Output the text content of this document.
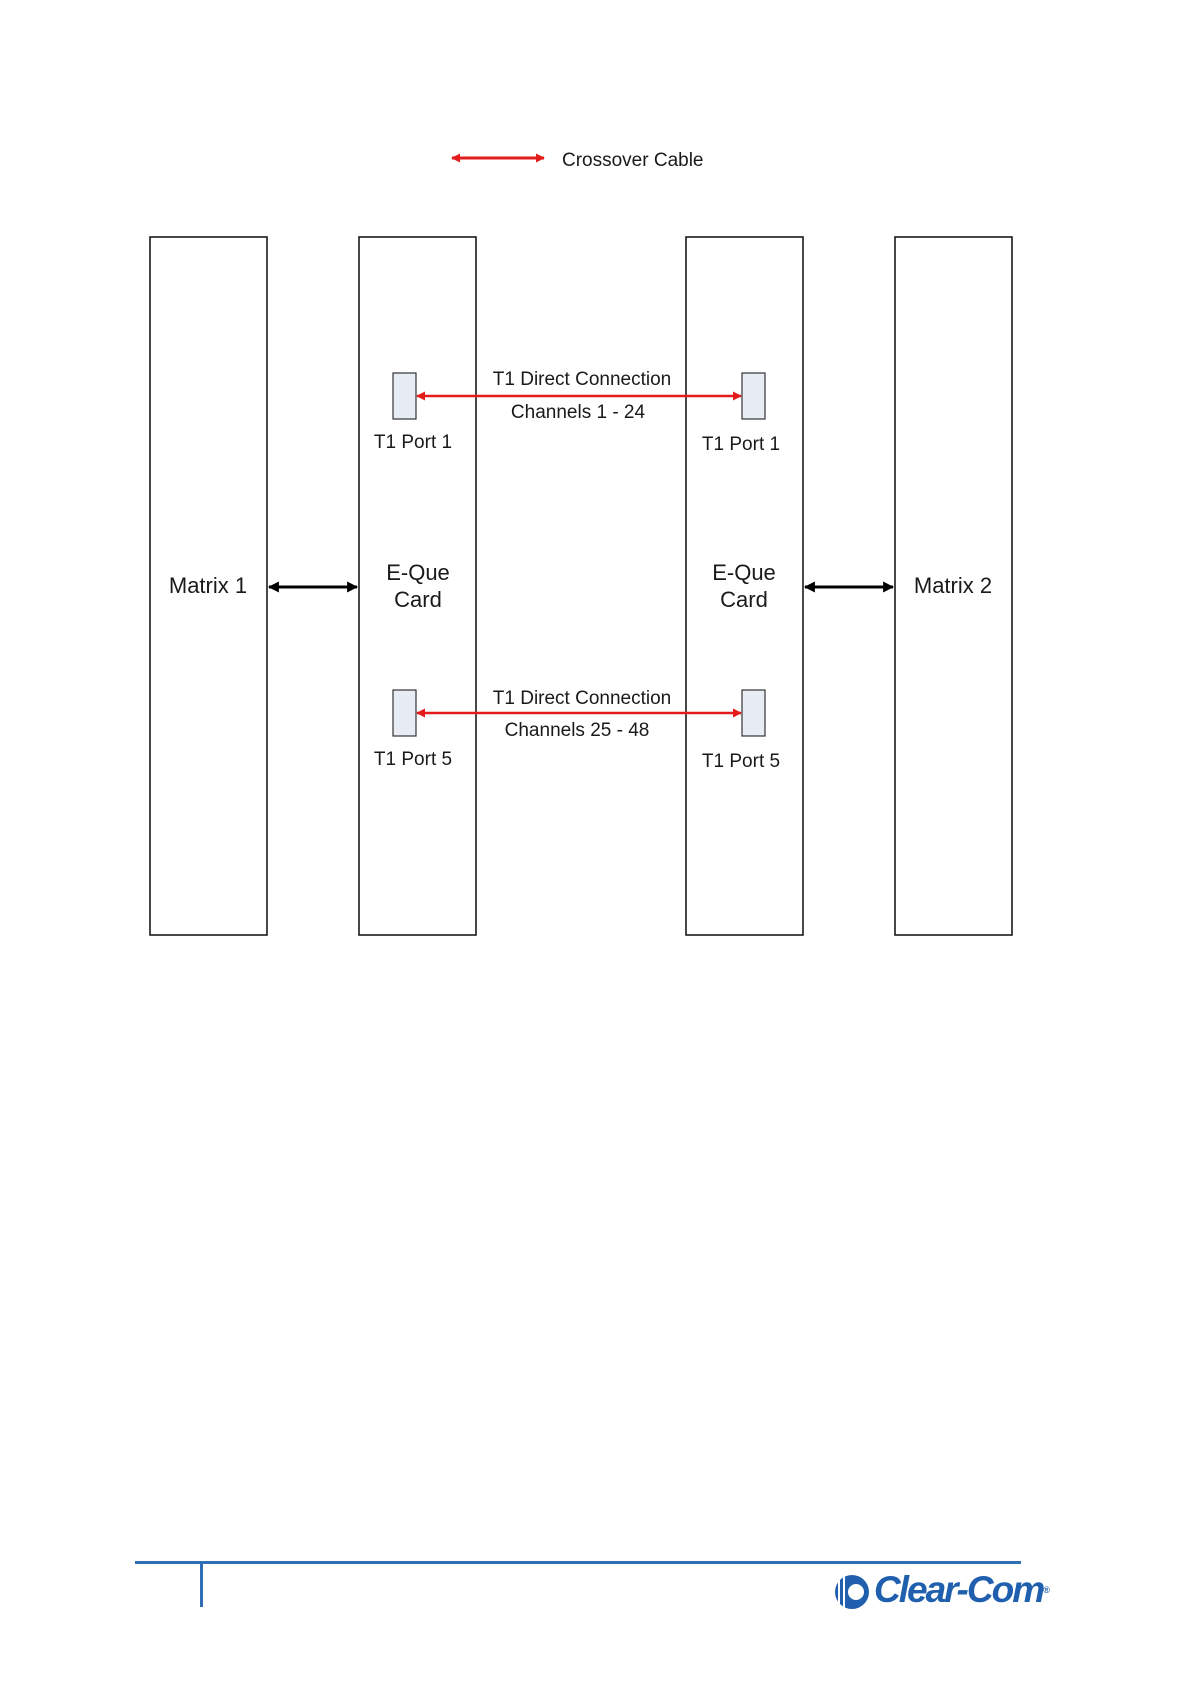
Crossover Cable
Matrix 1	Matrix 2
E-Que
Card
E-Que
Card
T1 Direct Connection
Channels 1 - 24
T1 Port 1	T1 Port 1
T1 Direct Connection
Channels 25 - 48
T1 Port 5	T1 Port 5
Clear-Com®
